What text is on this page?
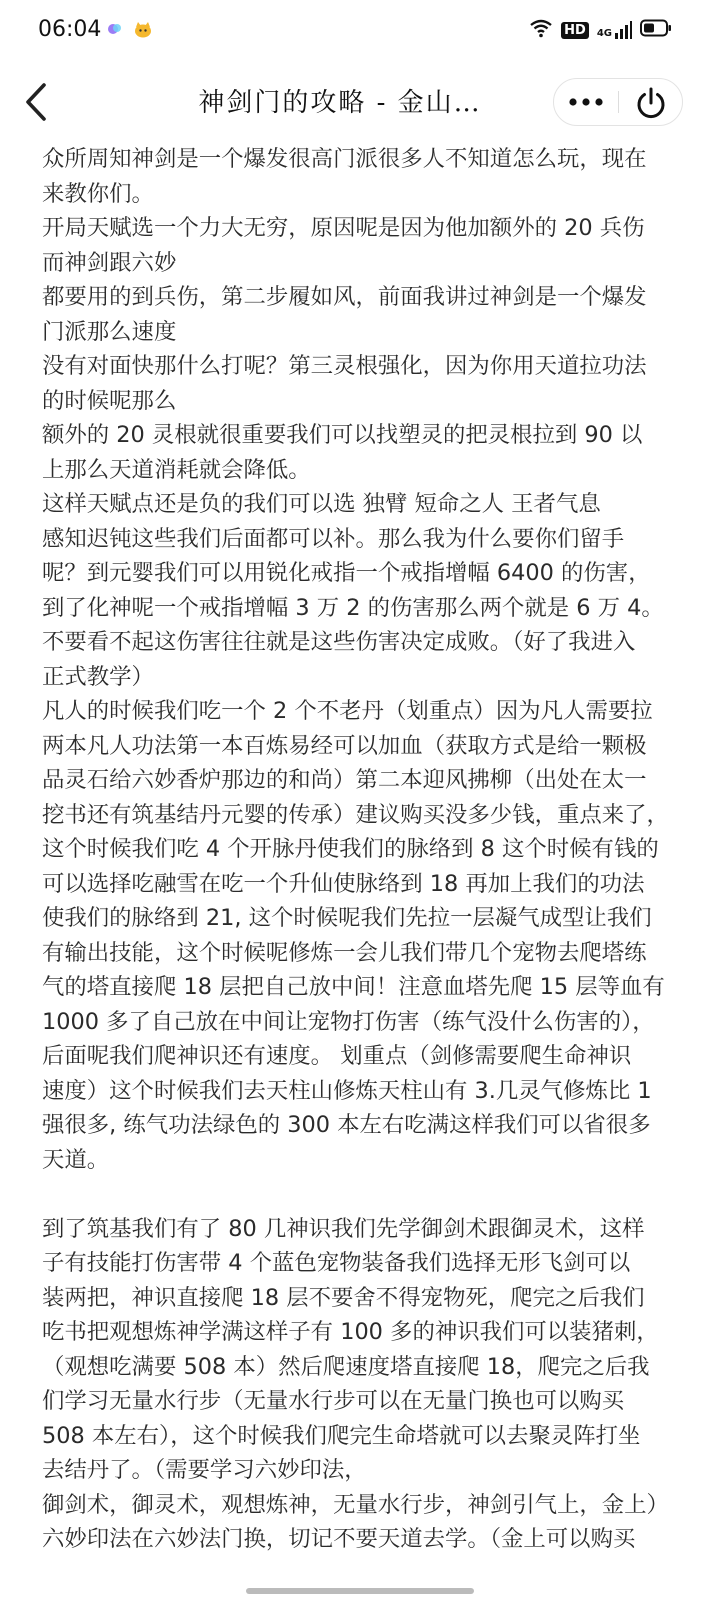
06:04	HD	4G
神剑门的攻略 - 金山…

众所周知神剑是一个爆发很高门派很多人不知道怎么玩，现在

来教你们。

开局天赋选一个力大无穷，原因呢是因为他加额外的 20 兵伤

而神剑跟六妙

都要用的到兵伤，第二步履如风，前面我讲过神剑是一个爆发

门派那么速度

没有对面快那什么打呢？第三灵根强化，因为你用天道拉功法

的时候呢那么

额外的 20 灵根就很重要我们可以找塑灵的把灵根拉到 90 以

上那么天道消耗就会降低。

这样天赋点还是负的我们可以选 独臂 短命之人 王者气息

感知迟钝这些我们后面都可以补。那么我为什么要你们留手

呢？到元婴我们可以用锐化戒指一个戒指增幅 6400 的伤害，

到了化神呢一个戒指增幅 3 万 2 的伤害那么两个就是 6 万 4。

不要看不起这伤害往往就是这些伤害决定成败。（好了我进入

正式教学）

凡人的时候我们吃一个 2 个不老丹（划重点）因为凡人需要拉

两本凡人功法第一本百炼易经可以加血（获取方式是给一颗极

品灵石给六妙香炉那边的和尚）第二本迎风拂柳（出处在太一

挖书还有筑基结丹元婴的传承）建议购买没多少钱，重点来了，

这个时候我们吃 4 个开脉丹使我们的脉络到 8 这个时候有钱的

可以选择吃融雪在吃一个升仙使脉络到 18 再加上我们的功法

使我们的脉络到 21, 这个时候呢我们先拉一层凝气成型让我们

有输出技能，这个时候呢修炼一会儿我们带几个宠物去爬塔练

气的塔直接爬 18 层把自己放中间！注意血塔先爬 15 层等血有

1000 多了自己放在中间让宠物打伤害（练气没什么伤害的），

后面呢我们爬神识还有速度。 划重点（剑修需要爬生命神识

速度）这个时候我们去天柱山修炼天柱山有 3.几灵气修炼比 1

强很多, 练气功法绿色的 300 本左右吃满这样我们可以省很多

天道。

到了筑基我们有了 80 几神识我们先学御剑术跟御灵术，这样

子有技能打伤害带 4 个蓝色宠物装备我们选择无形飞剑可以

装两把，神识直接爬 18 层不要舍不得宠物死，爬完之后我们

吃书把观想炼神学满这样子有 100 多的神识我们可以装猪刺，

（观想吃满要 508 本）然后爬速度塔直接爬 18，爬完之后我

们学习无量水行步（无量水行步可以在无量门换也可以购买

508 本左右），这个时候我们爬完生命塔就可以去聚灵阵打坐

去结丹了。（需要学习六妙印法，

御剑术，御灵术，观想炼神，无量水行步，神剑引气上，金上）

六妙印法在六妙法门换，切记不要天道去学。（金上可以购买
